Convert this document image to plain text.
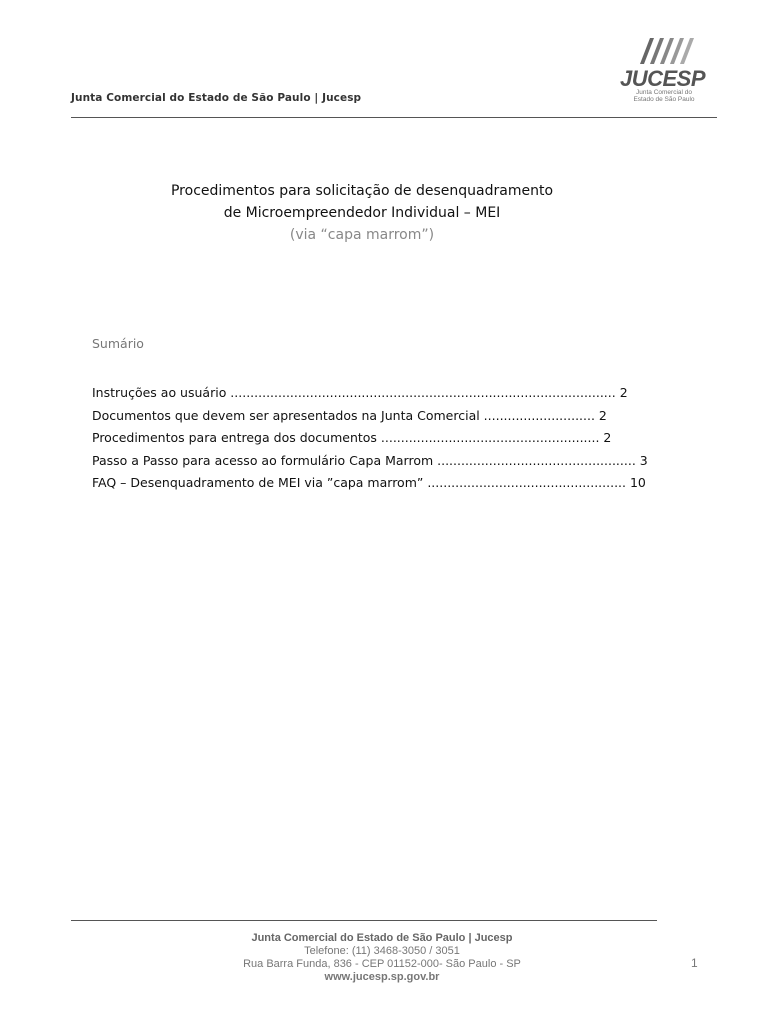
Junta Comercial do Estado de São Paulo | Jucesp
JUCESP
Junta Comercial do
Estado de São Paulo
Procedimentos para solicitação de desenquadramento
de Microempreendedor Individual – MEI
(via “capa marrom”)
Sumário
Instruções ao usuário ................................................................................................. 2
Documentos que devem ser apresentados na Junta Comercial ............................ 2
Procedimentos para entrega dos documentos ....................................................... 2
Passo a Passo para acesso ao formulário Capa Marrom .................................................. 3
FAQ – Desenquadramento de MEI via ”capa marrom” .................................................. 10
Junta Comercial do Estado de São Paulo | Jucesp
Telefone: (11) 3468-3050 / 3051
Rua Barra Funda, 836 - CEP 01152-000- São Paulo - SP
www.jucesp.sp.gov.br
1
